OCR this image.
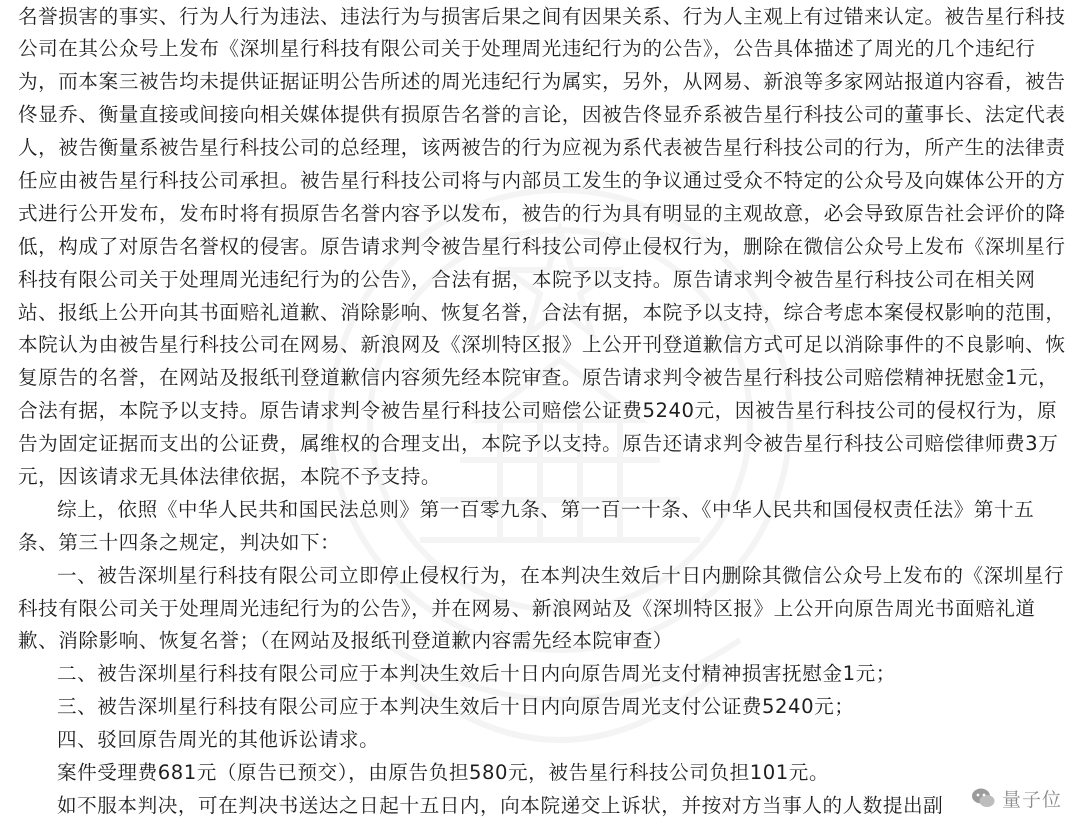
名誉损害的事实、行为人行为违法、违法行为与损害后果之间有因果关系、行为人主观上有过错来认定。被告星行科技
公司在其公众号上发布《深圳星行科技有限公司关于处理周光违纪行为的公告》，公告具体描述了周光的几个违纪行
为，而本案三被告均未提供证据证明公告所述的周光违纪行为属实，另外，从网易、新浪等多家网站报道内容看，被告
佟显乔、衡量直接或间接向相关媒体提供有损原告名誉的言论，因被告佟显乔系被告星行科技公司的董事长、法定代表
人，被告衡量系被告星行科技公司的总经理，该两被告的行为应视为系代表被告星行科技公司的行为，所产生的法律责
任应由被告星行科技公司承担。被告星行科技公司将与内部员工发生的争议通过受众不特定的公众号及向媒体公开的方
式进行公开发布，发布时将有损原告名誉内容予以发布，被告的行为具有明显的主观故意，必会导致原告社会评价的降
低，构成了对原告名誉权的侵害。原告请求判令被告星行科技公司停止侵权行为，删除在微信公众号上发布《深圳星行
科技有限公司关于处理周光违纪行为的公告》，合法有据，本院予以支持。原告请求判令被告星行科技公司在相关网
站、报纸上公开向其书面赔礼道歉、消除影响、恢复名誉，合法有据，本院予以支持，综合考虑本案侵权影响的范围，
本院认为由被告星行科技公司在网易、新浪网及《深圳特区报》上公开刊登道歉信方式可足以消除事件的不良影响、恢
复原告的名誉，在网站及报纸刊登道歉信内容须先经本院审查。原告请求判令被告星行科技公司赔偿精神抚慰金1元，
合法有据，本院予以支持。原告请求判令被告星行科技公司赔偿公证费5240元，因被告星行科技公司的侵权行为，原
告为固定证据而支出的公证费，属维权的合理支出，本院予以支持。原告还请求判令被告星行科技公司赔偿律师费3万
元，因该请求无具体法律依据，本院不予支持。
综上，依照《中华人民共和国民法总则》第一百零九条、第一百一十条、《中华人民共和国侵权责任法》第十五
条、第三十四条之规定，判决如下：
一、被告深圳星行科技有限公司立即停止侵权行为，在本判决生效后十日内删除其微信公众号上发布的《深圳星行
科技有限公司关于处理周光违纪行为的公告》，并在网易、新浪网站及《深圳特区报》上公开向原告周光书面赔礼道
歉、消除影响、恢复名誉；（在网站及报纸刊登道歉内容需先经本院审查）
二、被告深圳星行科技有限公司应于本判决生效后十日内向原告周光支付精神损害抚慰金1元；
三、被告深圳星行科技有限公司应于本判决生效后十日内向原告周光支付公证费5240元；
四、驳回原告周光的其他诉讼请求。
案件受理费681元（原告已预交），由原告负担580元，被告星行科技公司负担101元。
如不服本判决，可在判决书送达之日起十五日内，向本院递交上诉状，并按对方当事人的人数提出副	量子位
